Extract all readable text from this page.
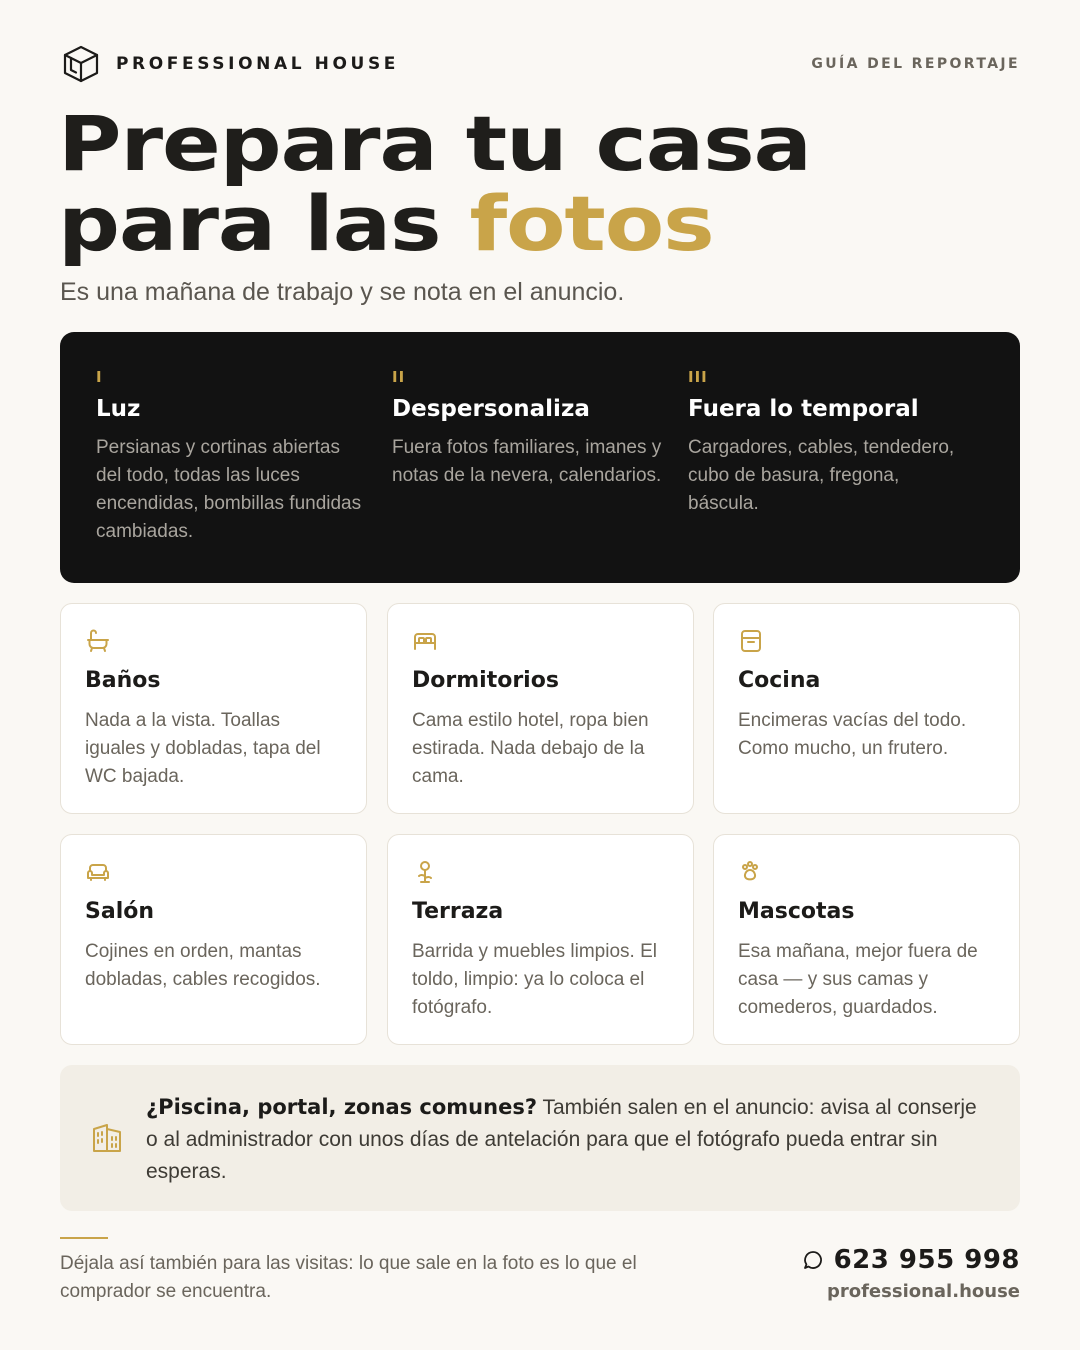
PROFESSIONAL HOUSE	GUÍA DEL REPORTAJE
Prepara tu casa
para las fotos

Es una mañana de trabajo y se nota en el anuncio.

I
Luz
Persianas y cortinas abiertas del todo, todas las luces encendidas, bombillas fundidas cambiadas.
II
Despersonaliza
Fuera fotos familiares, imanes y notas de la nevera, calendarios.
III
Fuera lo temporal
Cargadores, cables, tendedero, cubo de basura, fregona, báscula.
Baños
Nada a la vista. Toallas iguales y dobladas, tapa del WC bajada.
Dormitorios
Cama estilo hotel, ropa bien estirada. Nada debajo de la cama.
Cocina
Encimeras vacías del todo. Como mucho, un frutero.
Salón
Cojines en orden, mantas dobladas, cables recogidos.
Terraza
Barrida y muebles limpios. El toldo, limpio: ya lo coloca el fotógrafo.
Mascotas
Esa mañana, mejor fuera de casa — y sus camas y comederos, guardados.

¿Piscina, portal, zonas comunes? También salen en el anuncio: avisa al conserje o al administrador con unos días de antelación para que el fotógrafo pueda entrar sin esperas.

Déjala así también para las visitas: lo que sale en la foto es lo que el comprador se encuentra.

623 955 998
professional.house
